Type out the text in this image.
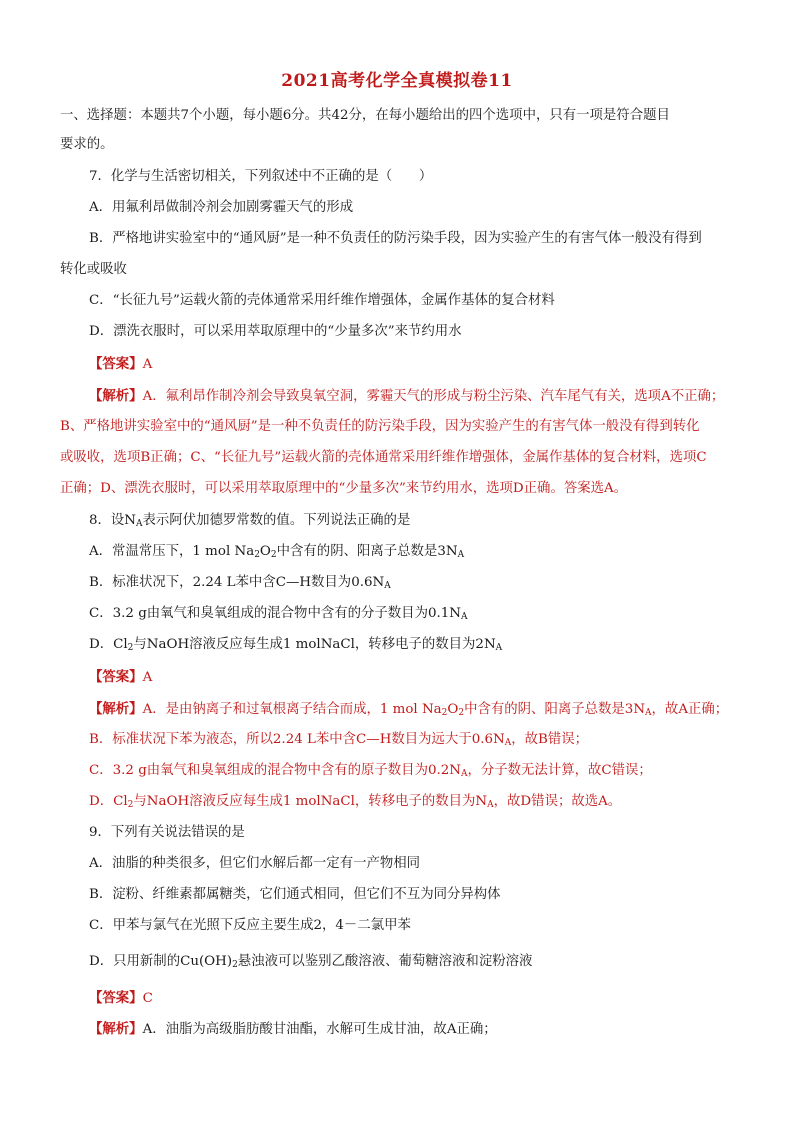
2021高考化学全真模拟卷11
一、选择题：本题共7个小题，每小题6分。共42分，在每小题给出的四个选项中，只有一项是符合题目
要求的。
7．化学与生活密切相关，下列叙述中不正确的是（　　）
A．用氟利昂做制冷剂会加剧雾霾天气的形成
B．严格地讲实验室中的“通风厨”是一种不负责任的防污染手段，因为实验产生的有害气体一般没有得到
转化或吸收
C．“长征九号”运载火箭的壳体通常采用纤维作增强体，金属作基体的复合材料
D．漂洗衣服时，可以采用萃取原理中的“少量多次”来节约用水
【答案】A
【解析】A．氟利昂作制冷剂会导致臭氧空洞，雾霾天气的形成与粉尘污染、汽车尾气有关，选项A不正确；
B、严格地讲实验室中的“通风厨”是一种不负责任的防污染手段，因为实验产生的有害气体一般没有得到转化
或吸收，选项B正确；C、“长征九号”运载火箭的壳体通常采用纤维作增强体，金属作基体的复合材料，选项C
正确；D、漂洗衣服时，可以采用萃取原理中的“少量多次”来节约用水，选项D正确。答案选A。
8．设$N_A$表示阿伏加德罗常数的值。下列说法正确的是
A．常温常压下，1 mol $Na_2O_2$中含有的阴、阳离子总数是$3N_A$
B．标准状况下，2.24 L苯中含C—H数目为$0.6N_A$
C．3.2 g由氧气和臭氧组成的混合物中含有的分子数目为$0.1N_A$
D．$Cl_2$与NaOH溶液反应每生成1 molNaCl，转移电子的数目为$2N_A$
【答案】A
【解析】A．是由钠离子和过氧根离子结合而成，1 mol $Na_2O_2$中含有的阴、阳离子总数是$3N_A$，故A正确；
B．标准状况下苯为液态，所以2.24 L苯中含C—H数目为远大于$0.6N_A$，故B错误；
C．3.2 g由氧气和臭氧组成的混合物中含有的原子数目为$0.2N_A$，分子数无法计算，故C错误；
D．$Cl_2$与NaOH溶液反应每生成1 molNaCl，转移电子的数目为$N_A$，故D错误；故选A。
9．下列有关说法错误的是
A．油脂的种类很多，但它们水解后都一定有一产物相同
B．淀粉、纤维素都属糖类，它们通式相同，但它们不互为同分异构体
C．甲苯与氯气在光照下反应主要生成2，4－二氯甲苯
D．只用新制的$Cu(OH)_2$悬浊液可以鉴别乙酸溶液、葡萄糖溶液和淀粉溶液
【答案】C
【解析】A．油脂为高级脂肪酸甘油酯，水解可生成甘油，故A正确；
